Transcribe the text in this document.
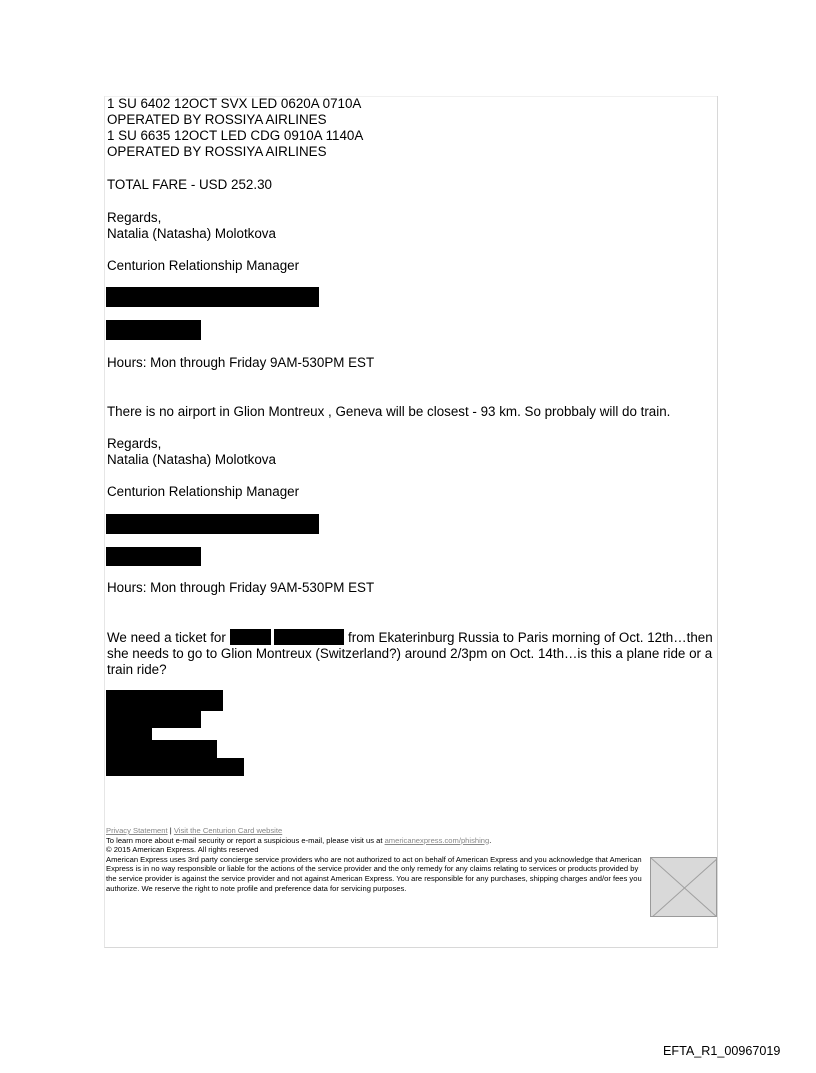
1 SU 6402 12OCT SVX LED 0620A 0710A
OPERATED BY ROSSIYA AIRLINES
1 SU 6635 12OCT LED CDG 0910A 1140A
OPERATED BY ROSSIYA AIRLINES
TOTAL FARE - USD 252.30
Regards,
Natalia (Natasha) Molotkova
Centurion Relationship Manager
Hours: Mon through Friday 9AM-530PM EST
There is no airport in Glion Montreux , Geneva will be closest - 93 km. So probbaly will do train.
Regards,
Natalia (Natasha) Molotkova
Centurion Relationship Manager
Hours: Mon through Friday 9AM-530PM EST
We need a ticket for	from Ekaterinburg Russia to Paris morning of Oct. 12th…then she needs to go to Glion Montreux (Switzerland?) around 2/3pm on Oct. 14th…is this a plane ride or a train ride?
Privacy Statement | Visit the Centurion Card website
To learn more about e-mail security or report a suspicious e-mail, please visit us at americanexpress.com/phishing.
© 2015 American Express. All rights reserved
American Express uses 3rd party concierge service providers who are not authorized to act on behalf of American Express and you acknowledge that American Express is in no way responsible or liable for the actions of the service provider and the only remedy for any claims relating to services or products provided by the service provider is against the service provider and not against American Express. You are responsible for any purchases, shipping charges and/or fees you authorize. We reserve the right to note profile and preference data for servicing purposes.
EFTA_R1_00967019
